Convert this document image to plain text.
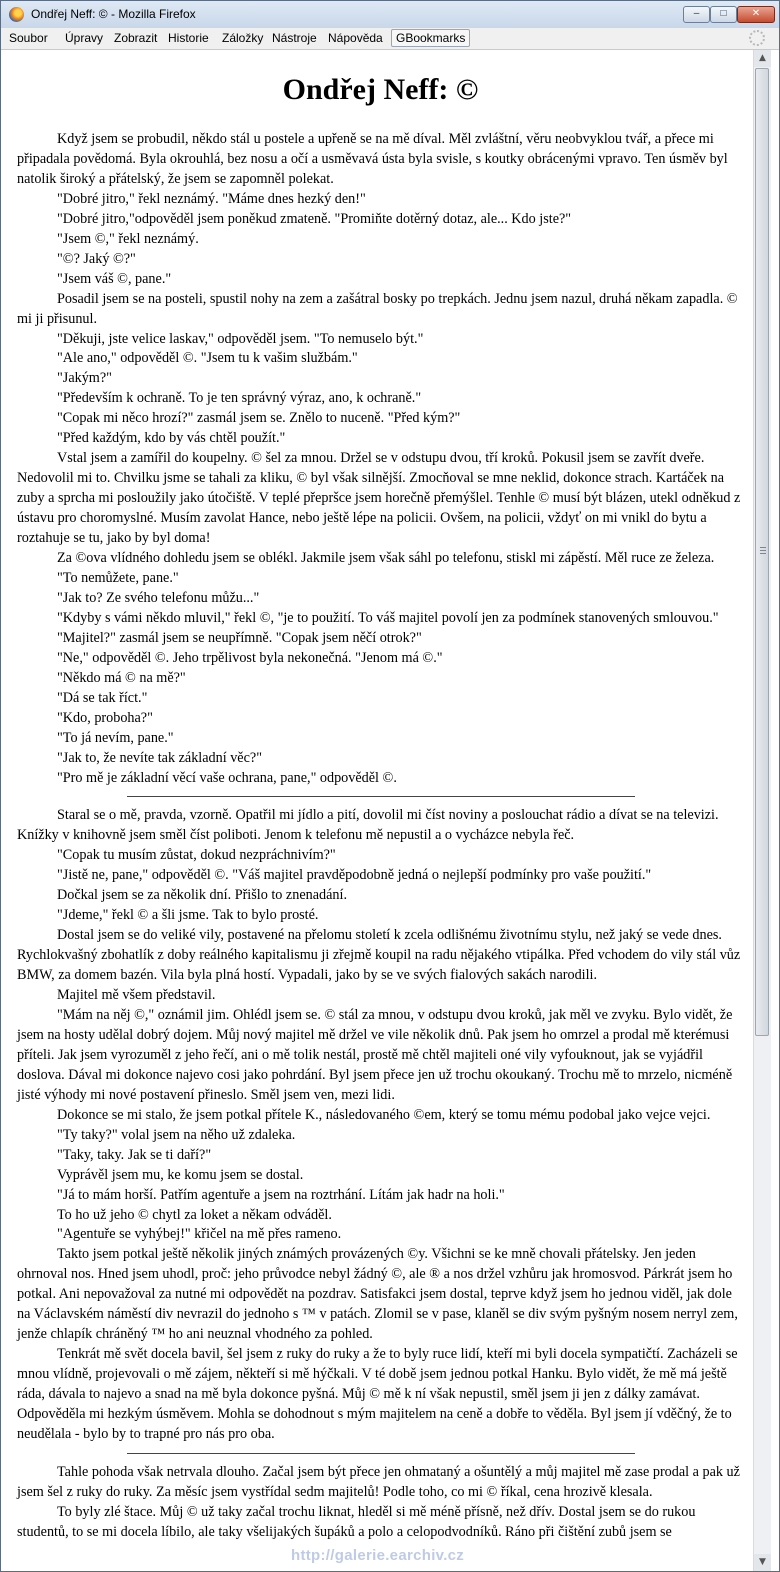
Ondřej Neff: © - Mozilla Firefox	–	□	✕
Soubor Úpravy Zobrazit Historie Záložky Nástroje Nápověda	GBookmarks
Ondřej Neff: ©

Když jsem se probudil, někdo stál u postele a upřeně se na mě díval. Měl zvláštní, věru neobvyklou tvář, a přece mi připadala povědomá. Byla okrouhlá, bez nosu a očí a usměvavá ústa byla svisle, s koutky obrácenými vpravo. Ten úsměv byl natolik široký a přátelský, že jsem se zapomněl polekat.

"Dobré jitro," řekl neznámý. "Máme dnes hezký den!"

"Dobré jitro,"odpověděl jsem poněkud zmateně. "Promiňte dotěrný dotaz, ale... Kdo jste?"

"Jsem ©," řekl neznámý.

"©? Jaký ©?"

"Jsem váš ©, pane."

Posadil jsem se na posteli, spustil nohy na zem a zašátral bosky po trepkách. Jednu jsem nazul, druhá někam zapadla. © mi ji přisunul.

"Děkuji, jste velice laskav," odpověděl jsem. "To nemuselo být."

"Ale ano," odpověděl ©. "Jsem tu k vašim službám."

"Jakým?"

"Především k ochraně. To je ten správný výraz, ano, k ochraně."

"Copak mi něco hrozí?" zasmál jsem se. Znělo to nuceně. "Před kým?"

"Před každým, kdo by vás chtěl použít."

Vstal jsem a zamířil do koupelny. © šel za mnou. Držel se v odstupu dvou, tří kroků. Pokusil jsem se zavřít dveře. Nedovolil mi to. Chvilku jsme se tahali za kliku, © byl však silnější. Zmocňoval se mne neklid, dokonce strach. Kartáček na zuby a sprcha mi posloužily jako útočiště. V teplé přepršce jsem horečně přemýšlel. Tenhle © musí být blázen, utekl odněkud z ústavu pro choromyslné. Musím zavolat Hance, nebo ještě lépe na policii. Ovšem, na policii, vždyť on mi vnikl do bytu a roztahuje se tu, jako by byl doma!

Za ©ova vlídného dohledu jsem se oblékl. Jakmile jsem však sáhl po telefonu, stiskl mi zápěstí. Měl ruce ze železa.

"To nemůžete, pane."

"Jak to? Ze svého telefonu můžu..."

"Kdyby s vámi někdo mluvil," řekl ©, "je to použití. To váš majitel povolí jen za podmínek stanovených smlouvou."

"Majitel?" zasmál jsem se neupřímně. "Copak jsem něčí otrok?"

"Ne," odpověděl ©. Jeho trpělivost byla nekonečná. "Jenom má ©."

"Někdo má © na mě?"

"Dá se tak říct."

"Kdo, proboha?"

"To já nevím, pane."

"Jak to, že nevíte tak základní věc?"

"Pro mě je základní věcí vaše ochrana, pane," odpověděl ©.

Staral se o mě, pravda, vzorně. Opatřil mi jídlo a pití, dovolil mi číst noviny a poslouchat rádio a dívat se na televizi. Knížky v knihovně jsem směl číst poliboti. Jenom k telefonu mě nepustil a o vycházce nebyla řeč.

"Copak tu musím zůstat, dokud nezpráchnivím?"

"Jistě ne, pane," odpověděl ©. "Váš majitel pravděpodobně jedná o nejlepší podmínky pro vaše použití."

Dočkal jsem se za několik dní. Přišlo to znenadání.

"Jdeme," řekl © a šli jsme. Tak to bylo prosté.

Dostal jsem se do veliké vily, postavené na přelomu století k zcela odlišnému životnímu stylu, než jaký se vede dnes. Rychlokvašný zbohatlík z doby reálného kapitalismu ji zřejmě koupil na radu nějakého vtipálka. Před vchodem do vily stál vůz BMW, za domem bazén. Vila byla plná hostí. Vypadali, jako by se ve svých fialových sakách narodili.

Majitel mě všem představil.

"Mám na něj ©," oznámil jim. Ohlédl jsem se. © stál za mnou, v odstupu dvou kroků, jak měl ve zvyku. Bylo vidět, že jsem na hosty udělal dobrý dojem. Můj nový majitel mě držel ve vile několik dnů. Pak jsem ho omrzel a prodal mě kterémusi příteli. Jak jsem vyrozuměl z jeho řečí, ani o mě tolik nestál, prostě mě chtěl majiteli oné vily vyfouknout, jak se vyjádřil doslova. Dával mi dokonce najevo cosi jako pohrdání. Byl jsem přece jen už trochu okoukaný. Trochu mě to mrzelo, nicméně jisté výhody mi nové postavení přineslo. Směl jsem ven, mezi lidi.

Dokonce se mi stalo, že jsem potkal přítele K., následovaného ©em, který se tomu mému podobal jako vejce vejci.

"Ty taky?" volal jsem na něho už zdaleka.

"Taky, taky. Jak se ti daří?"

Vyprávěl jsem mu, ke komu jsem se dostal.

"Já to mám horší. Patřím agentuře a jsem na roztrhání. Lítám jak hadr na holi."

To ho už jeho © chytl za loket a někam odváděl.

"Agentuře se vyhýbej!" křičel na mě přes rameno.

Takto jsem potkal ještě několik jiných známých provázených ©y. Všichni se ke mně chovali přátelsky. Jen jeden ohrnoval nos. Hned jsem uhodl, proč: jeho průvodce nebyl žádný ©, ale ® a nos držel vzhůru jak hromosvod. Párkrát jsem ho potkal. Ani nepovažoval za nutné mi odpovědět na pozdrav. Satisfakci jsem dostal, teprve když jsem ho jednou viděl, jak dole na Václavském náměstí div nevrazil do jednoho s ™ v patách. Zlomil se v pase, klaněl se div svým pyšným nosem nerryl zem, jenže chlapík chráněný ™ ho ani neuznal vhodného za pohled.

Tenkrát mě svět docela bavil, šel jsem z ruky do ruky a že to byly ruce lidí, kteří mi byli docela sympatičtí. Zacházeli se mnou vlídně, projevovali o mě zájem, někteří si mě hýčkali. V té době jsem jednou potkal Hanku. Bylo vidět, že mě má ještě ráda, dávala to najevo a snad na mě byla dokonce pyšná. Můj © mě k ní však nepustil, směl jsem ji jen z dálky zamávat. Odpověděla mi hezkým úsměvem. Mohla se dohodnout s mým majitelem na ceně a dobře to věděla. Byl jsem jí vděčný, že to neudělala - bylo by to trapné pro nás pro oba.

Tahle pohoda však netrvala dlouho. Začal jsem být přece jen ohmataný a ošuntělý a můj majitel mě zase prodal a pak už jsem šel z ruky do ruky. Za měsíc jsem vystřídal sedm majitelů! Podle toho, co mi © říkal, cena hrozivě klesala.

To byly zlé štace. Můj © už taky začal trochu liknat, hleděl si mě méně přísně, než dřív. Dostal jsem se do rukou studentů, to se mi docela líbilo, ale taky všelijakých šupáků a polo a celopodvodníků. Ráno při čištění zubů jsem se

http://galerie.earchiv.cz
▲
▼
